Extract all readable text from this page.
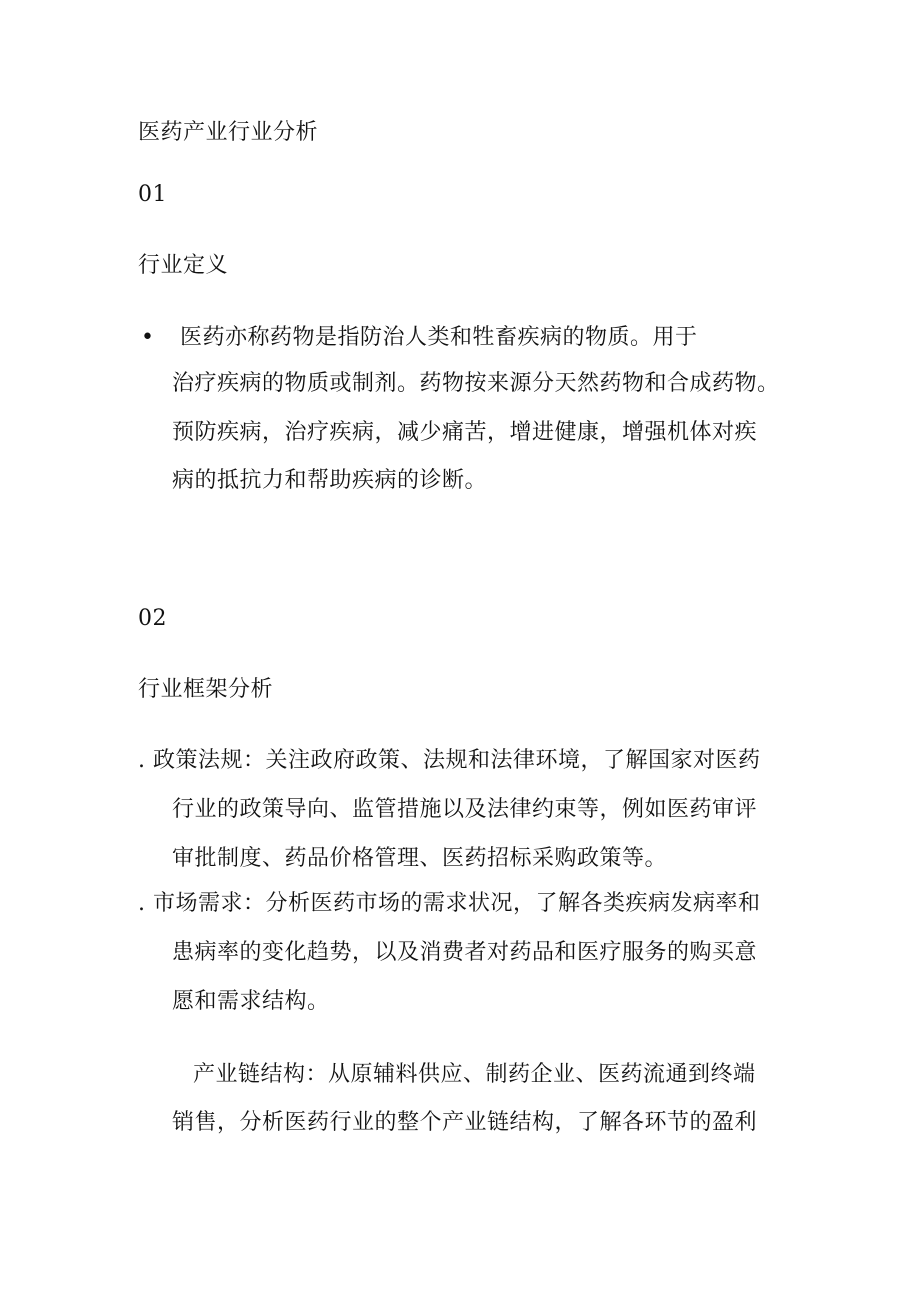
医药产业行业分析
01
行业定义
• 医药亦称药物是指防治人类和牲畜疾病的物质。用于
治疗疾病的物质或制剂。药物按来源分天然药物和合成药物。
预防疾病，治疗疾病，减少痛苦，增进健康，增强机体对疾
病的抵抗力和帮助疾病的诊断。
02
行业框架分析
. 政策法规：关注政府政策、法规和法律环境，了解国家对医药
行业的政策导向、监管措施以及法律约束等，例如医药审评
审批制度、药品价格管理、医药招标采购政策等。
. 市场需求：分析医药市场的需求状况，了解各类疾病发病率和
患病率的变化趋势，以及消费者对药品和医疗服务的购买意
愿和需求结构。
产业链结构：从原辅料供应、制药企业、医药流通到终端
销售，分析医药行业的整个产业链结构，了解各环节的盈利
